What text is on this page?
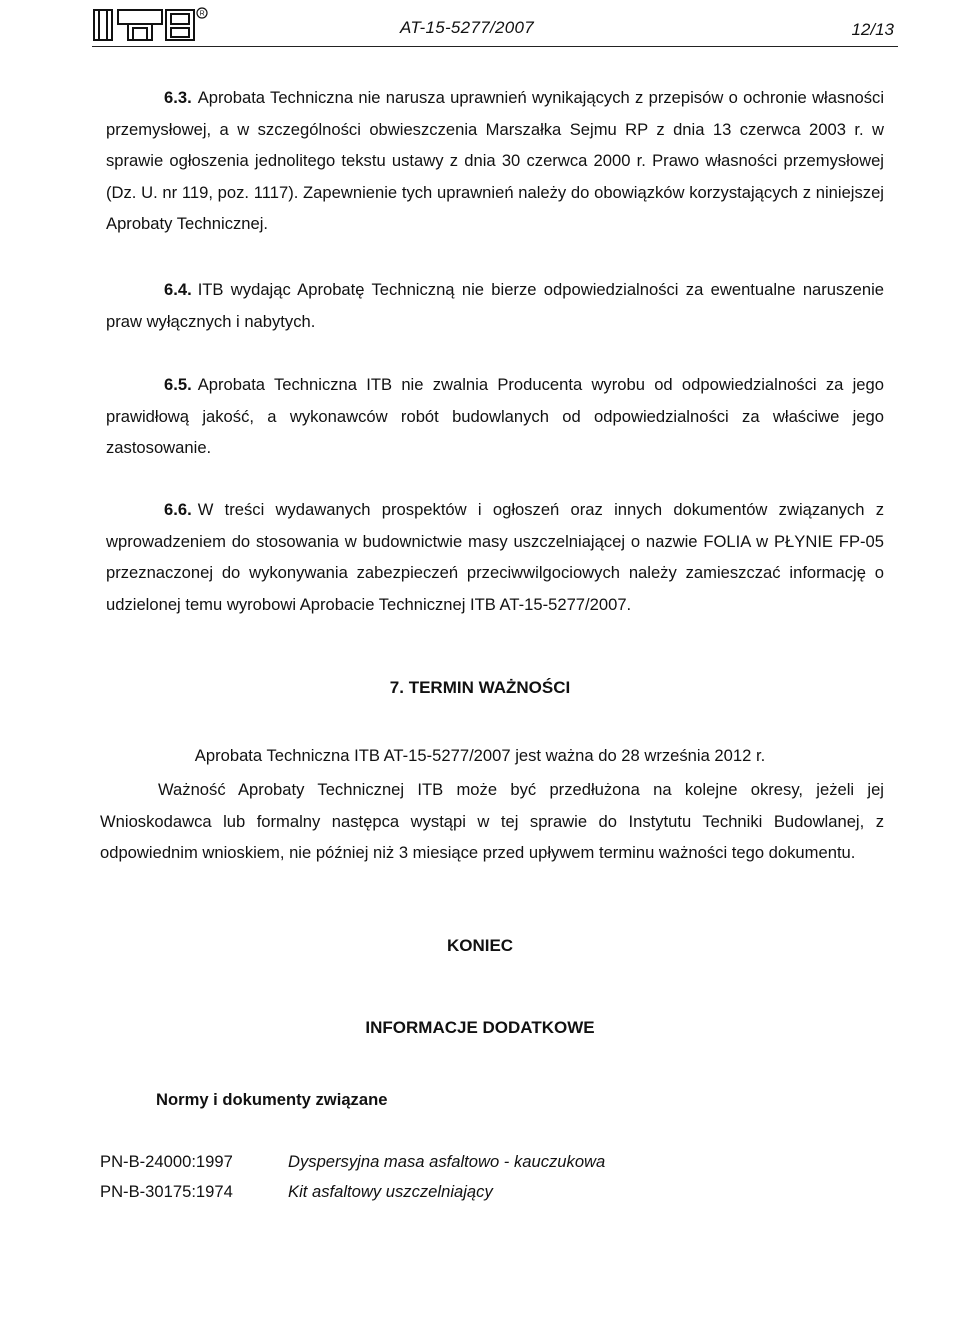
R
AT-15-5277/2007	12/13
6.3. Aprobata Techniczna nie narusza uprawnień wynikających z przepisów o ochronie własności przemysłowej, a w szczególności obwieszczenia Marszałka Sejmu RP z dnia 13 czerwca 2003 r. w sprawie ogłoszenia jednolitego tekstu ustawy z dnia 30 czerwca 2000 r. Prawo własności przemysłowej (Dz. U. nr 119, poz. 1117). Zapewnienie tych uprawnień należy do obowiązków korzystających z niniejszej Aprobaty Technicznej.
6.4. ITB wydając Aprobatę Techniczną nie bierze odpowiedzialności za ewentualne naruszenie praw wyłącznych i nabytych.
6.5. Aprobata Techniczna ITB nie zwalnia Producenta wyrobu od odpowiedzialności za jego prawidłową jakość, a wykonawców robót budowlanych od odpowiedzialności za właściwe jego zastosowanie.
6.6. W treści wydawanych prospektów i ogłoszeń oraz innych dokumentów związanych z wprowadzeniem do stosowania w budownictwie masy uszczelniającej o nazwie FOLIA w PŁYNIE FP-05 przeznaczonej do wykonywania zabezpieczeń przeciwwilgociowych należy zamieszczać informację o udzielonej temu wyrobowi Aprobacie Technicznej ITB AT-15-5277/2007.
7. TERMIN WAŻNOŚCI
Aprobata Techniczna ITB AT-15-5277/2007 jest ważna do 28 września 2012 r.
Ważność Aprobaty Technicznej ITB może być przedłużona na kolejne okresy, jeżeli jej Wnioskodawca lub formalny następca wystąpi w tej sprawie do Instytutu Techniki Budowlanej, z odpowiednim wnioskiem, nie później niż 3 miesiące przed upływem terminu ważności tego dokumentu.
KONIEC
INFORMACJE DODATKOWE
Normy i dokumenty związane
PN-B-24000:1997	Dyspersyjna masa asfaltowo - kauczukowa
PN-B-30175:1974	Kit asfaltowy uszczelniający
